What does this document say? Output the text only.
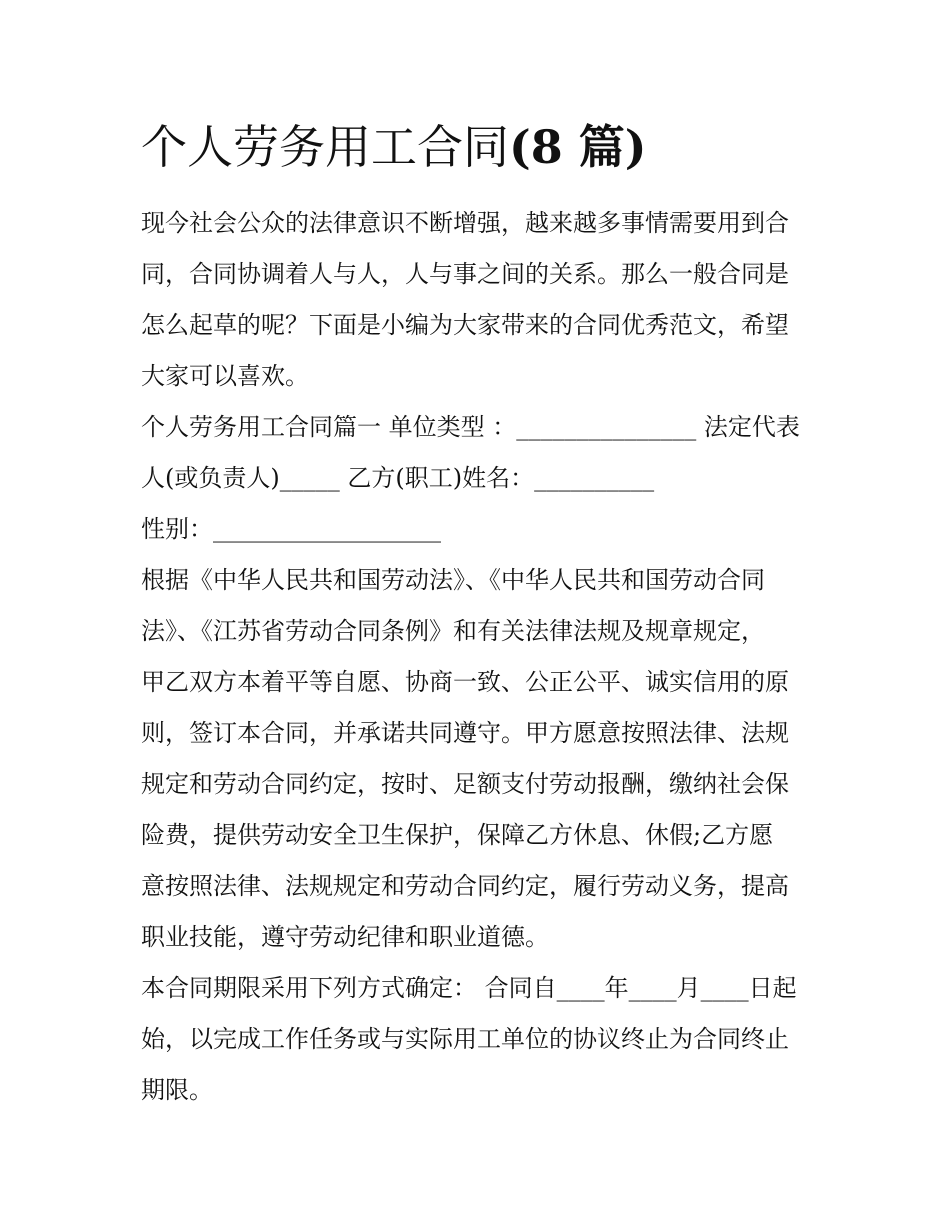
个人劳务用工合同(8 篇)

现今社会公众的法律意识不断增强，越来越多事情需要用到合
同，合同协调着人与人，人与事之间的关系。那么一般合同是
怎么起草的呢？下面是小编为大家带来的合同优秀范文，希望
大家可以喜欢。

个人劳务用工合同篇一 单位类型 ：_______________ 法定代表
人(或负责人)_____ 乙方(职工)姓名：__________
性别：___________________

根据《中华人民共和国劳动法》、《中华人民共和国劳动合同
法》、《江苏省劳动合同条例》和有关法律法规及规章规定，
甲乙双方本着平等自愿、协商一致、公正公平、诚实信用的原
则，签订本合同，并承诺共同遵守。甲方愿意按照法律、法规
规定和劳动合同约定，按时、足额支付劳动报酬，缴纳社会保
险费，提供劳动安全卫生保护，保障乙方休息、休假;乙方愿
意按照法律、法规规定和劳动合同约定，履行劳动义务，提高
职业技能，遵守劳动纪律和职业道德。

本合同期限采用下列方式确定： 合同自____年____月____日起
始，以完成工作任务或与实际用工单位的协议终止为合同终止
期限。
